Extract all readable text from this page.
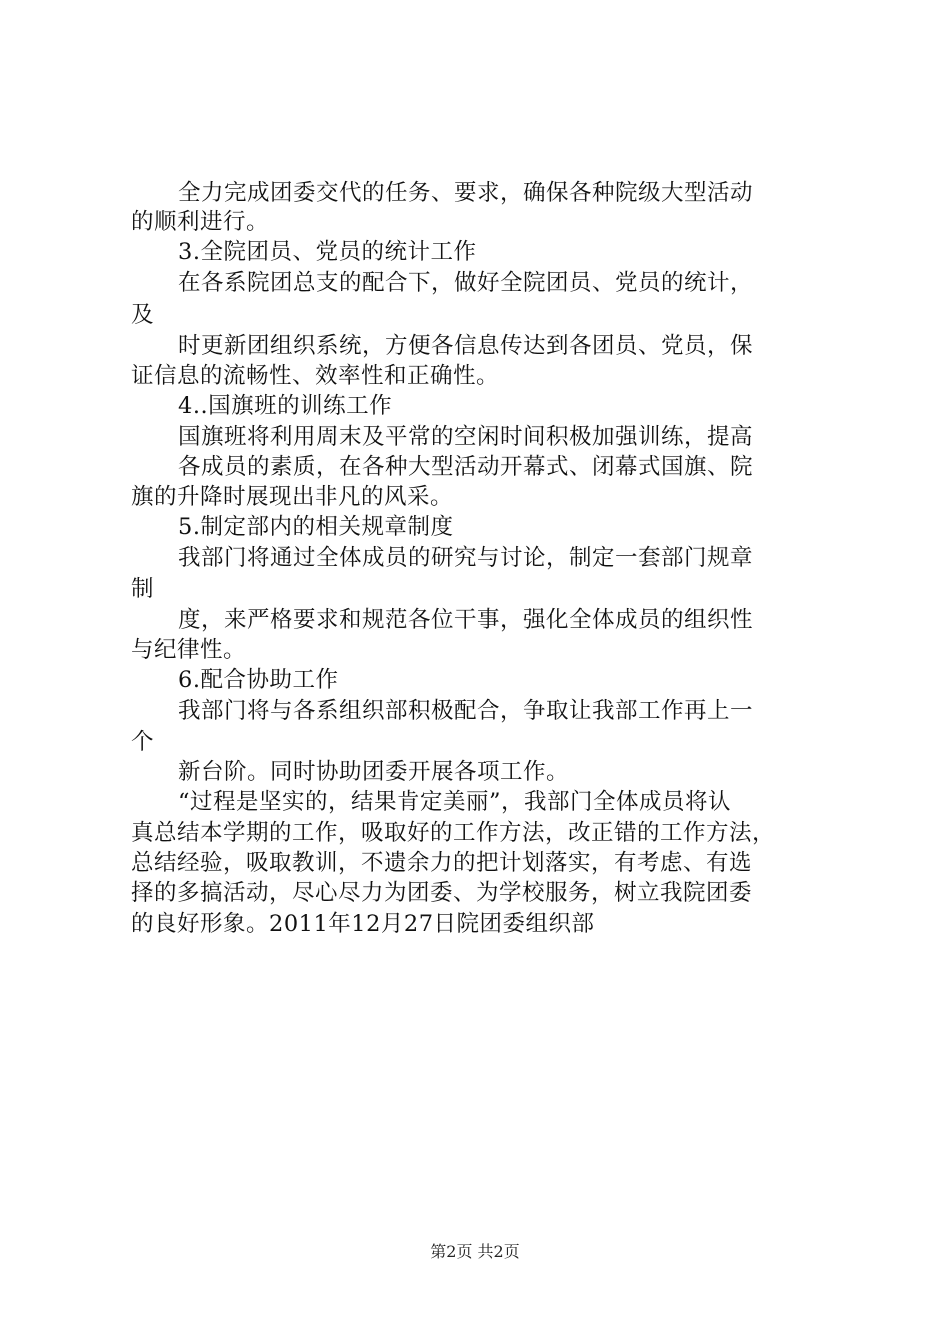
全力完成团委交代的任务、要求，确保各种院级大型活动
的顺利进行。
3.全院团员、党员的统计工作
在各系院团总支的配合下，做好全院团员、党员的统计，
及
时更新团组织系统，方便各信息传达到各团员、党员，保
证信息的流畅性、效率性和正确性。
4..国旗班的训练工作
国旗班将利用周末及平常的空闲时间积极加强训练，提高
各成员的素质，在各种大型活动开幕式、闭幕式国旗、院
旗的升降时展现出非凡的风采。
5.制定部内的相关规章制度
我部门将通过全体成员的研究与讨论，制定一套部门规章
制
度，来严格要求和规范各位干事，强化全体成员的组织性
与纪律性。
6.配合协助工作
我部门将与各系组织部积极配合，争取让我部工作再上一
个
新台阶。同时协助团委开展各项工作。
“过程是坚实的，结果肯定美丽”，我部门全体成员将认
真总结本学期的工作，吸取好的工作方法，改正错的工作方法，
总结经验，吸取教训，不遗余力的把计划落实，有考虑、有选
择的多搞活动，尽心尽力为团委、为学校服务，树立我院团委
的良好形象。2011年12月27日院团委组织部
第2页 共2页
